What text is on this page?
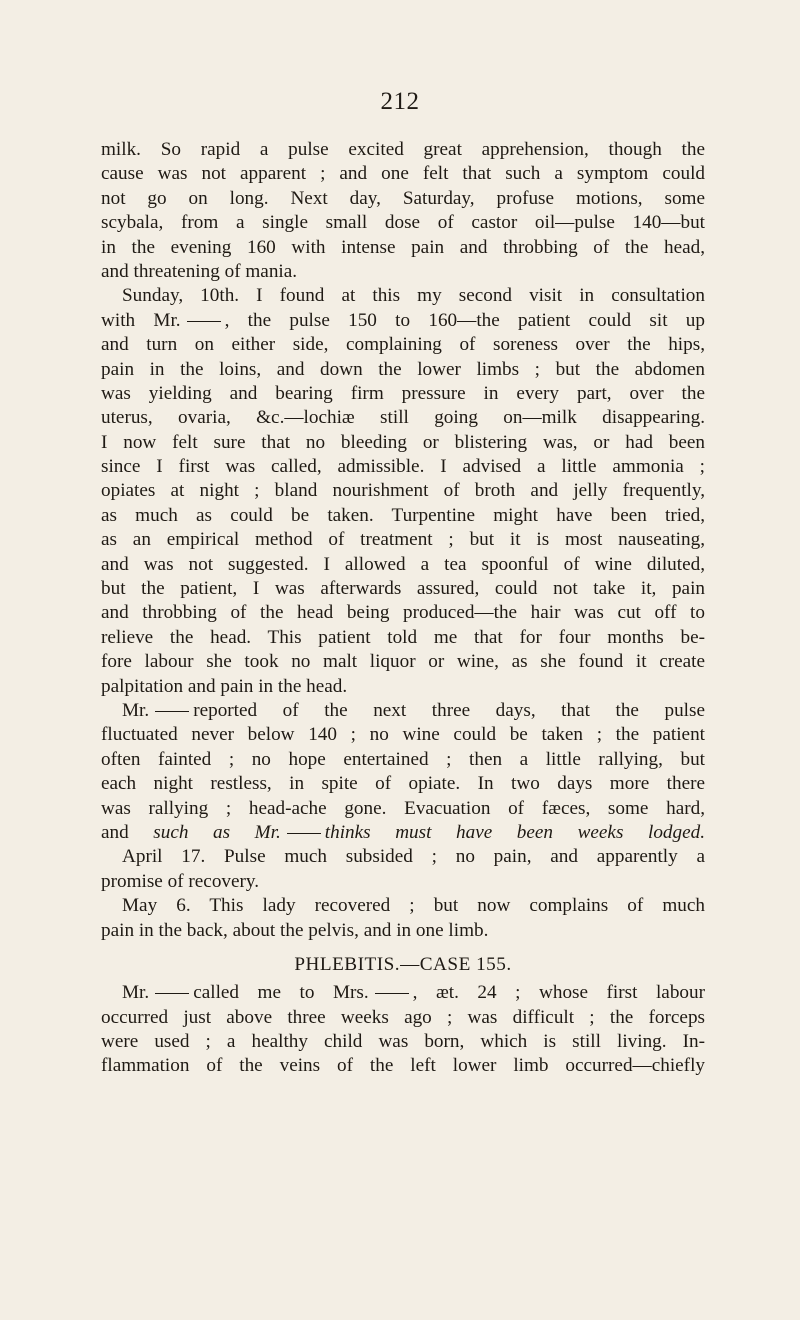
212
milk. So rapid a pulse excited great apprehension, though the
cause was not apparent ; and one felt that such a symptom could
not go on long. Next day, Saturday, profuse motions, some
scybala, from a single small dose of castor oil—pulse 140—but
in the evening 160 with intense pain and throbbing of the head,
and threatening of mania.
Sunday, 10th. I found at this my second visit in consultation
with Mr. , the pulse 150 to 160—the patient could sit up
and turn on either side, complaining of soreness over the hips,
pain in the loins, and down the lower limbs ; but the abdomen
was yielding and bearing firm pressure in every part, over the
uterus, ovaria, &c.—lochiæ still going on—milk disappearing.
I now felt sure that no bleeding or blistering was, or had been
since I first was called, admissible. I advised a little ammonia ;
opiates at night ; bland nourishment of broth and jelly frequently,
as much as could be taken. Turpentine might have been tried,
as an empirical method of treatment ; but it is most nauseating,
and was not suggested. I allowed a tea spoonful of wine diluted,
but the patient, I was afterwards assured, could not take it, pain
and throbbing of the head being produced—the hair was cut off to
relieve the head. This patient told me that for four months be-
fore labour she took no malt liquor or wine, as she found it create
palpitation and pain in the head.
Mr. reported of the next three days, that the pulse
fluctuated never below 140 ; no wine could be taken ; the patient
often fainted ; no hope entertained ; then a little rallying, but
each night restless, in spite of opiate. In two days more there
was rallying ; head-ache gone. Evacuation of fæces, some hard,
and such as Mr. thinks must have been weeks lodged.
April 17. Pulse much subsided ; no pain, and apparently a
promise of recovery.
May 6. This lady recovered ; but now complains of much
pain in the back, about the pelvis, and in one limb.
PHLEBITIS.—CASE 155.
Mr. called me to Mrs. , æt. 24 ; whose first labour
occurred just above three weeks ago ; was difficult ; the forceps
were used ; a healthy child was born, which is still living. In-
flammation of the veins of the left lower limb occurred—chiefly
